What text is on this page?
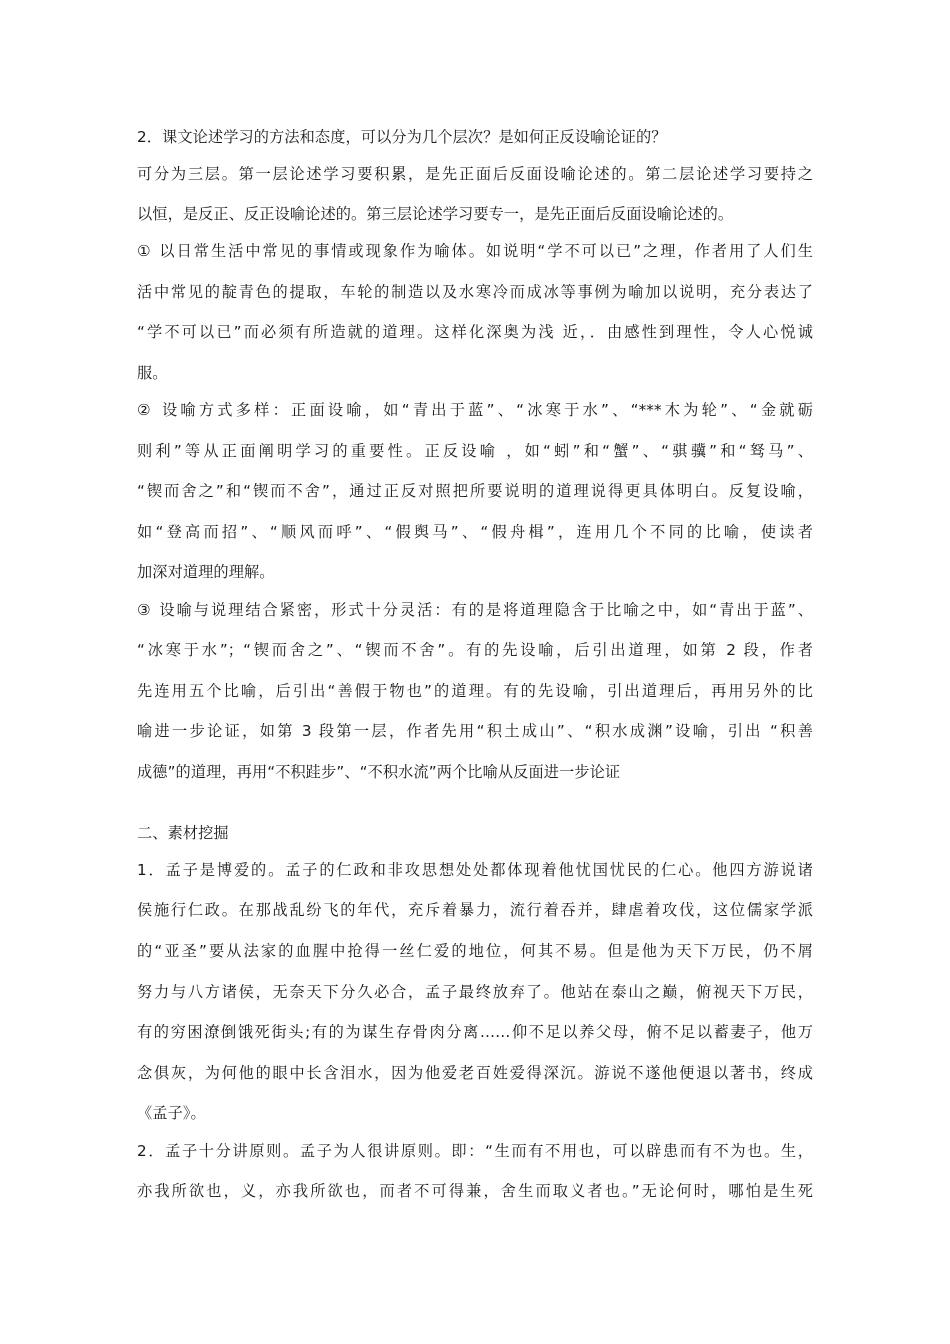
2．课文论述学习的方法和态度，可以分为几个层次？是如何正反设喻论证的？
可分为三层。第一层论述学习要积累，是先正面后反面设喻论述的。第二层论述学习要持之
以恒，是反正、反正设喻论述的。第三层论述学习要专一，是先正面后反面设喻论述的。
① 以日常生活中常见的事情或现象作为喻体。如说明“学不可以已”之理，作者用了人们生
活中常见的靛青色的提取，车轮的制造以及水寒冷而成冰等事例为喻加以说明，充分表达了
“学不可以已”而必须有所造就的道理。这样化深奥为浅 近，．由感性到理性，令人心悦诚
服。
② 设喻方式多样：正面设喻，如“青出于蓝”、“冰寒于水”、“***木为轮”、“金就砺
则利”等从正面阐明学习的重要性。正反设喻 ，如“蚓”和“蟹”、“骐骥”和“驽马”、
“锲而舍之”和“锲而不舍”，通过正反对照把所要说明的道理说得更具体明白。反复设喻，
如“登高而招”、“顺风而呼”、“假舆马”、“假舟楫”，连用几个不同的比喻，使读者
加深对道理的理解。
③ 设喻与说理结合紧密，形式十分灵活：有的是将道理隐含于比喻之中，如“青出于蓝”、
“冰寒于水”；“锲而舍之”、“锲而不舍”。有的先设喻，后引出道理，如第 2 段，作者
先连用五个比喻，后引出“善假于物也”的道理。有的先设喻，引出道理后，再用另外的比
喻进一步论证，如第 3 段第一层，作者先用“积土成山”、“积水成渊”设喻，引出 “积善
成德”的道理，再用“不积跬步”、“不积水流”两个比喻从反面进一步论证
二、素材挖掘
1．孟子是博爱的。孟子的仁政和非攻思想处处都体现着他忧国忧民的仁心。他四方游说诸
侯施行仁政。在那战乱纷飞的年代，充斥着暴力，流行着吞并，肆虐着攻伐，这位儒家学派
的“亚圣”要从法家的血腥中抢得一丝仁爱的地位，何其不易。但是他为天下万民，仍不屑
努力与八方诸侯，无奈天下分久必合，孟子最终放弃了。他站在泰山之巅，俯视天下万民，
有的穷困潦倒饿死街头;有的为谋生存骨肉分离……仰不足以养父母，俯不足以蓄妻子，他万
念俱灰，为何他的眼中长含泪水，因为他爱老百姓爱得深沉。游说不遂他便退以著书，终成
《孟子》。
2．孟子十分讲原则。孟子为人很讲原则。即：“生而有不用也，可以辟患而有不为也。生，
亦我所欲也，义，亦我所欲也，而者不可得兼，舍生而取义者也。”无论何时，哪怕是生死
